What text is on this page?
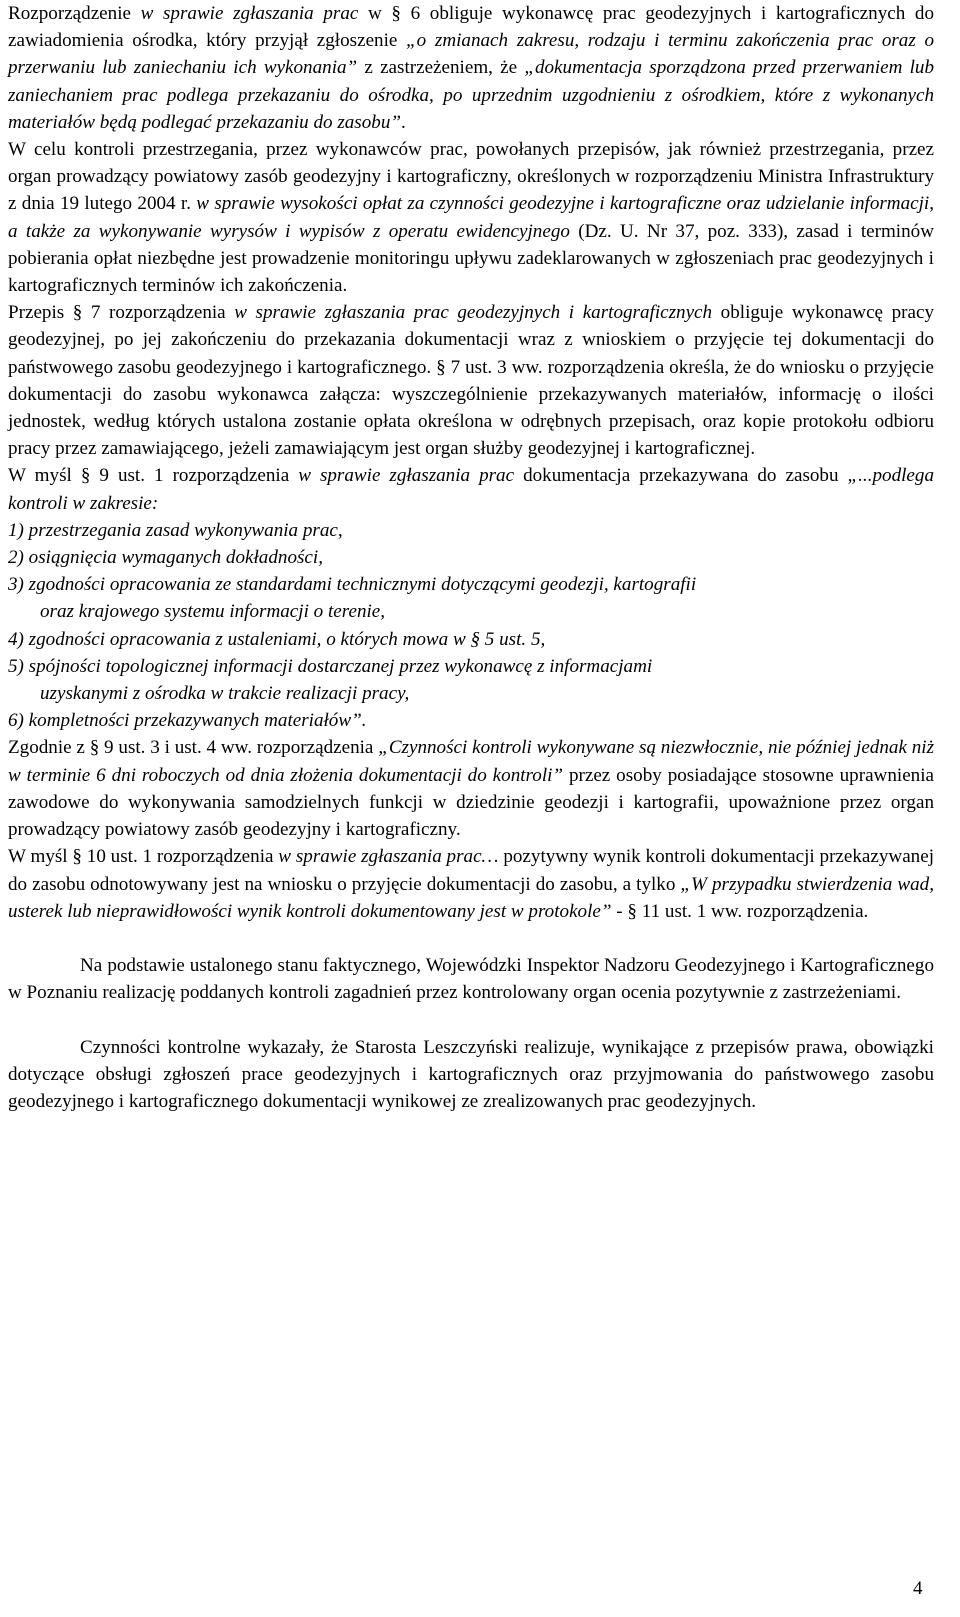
Rozporządzenie w sprawie zgłaszania prac w § 6 obliguje wykonawcę prac geodezyjnych i kartograficznych do zawiadomienia ośrodka, który przyjął zgłoszenie „o zmianach zakresu, rodzaju i terminu zakończenia prac oraz o przerwaniu lub zaniechaniu ich wykonania” z zastrzeżeniem, że „dokumentacja sporządzona przed przerwaniem lub zaniechaniem prac podlega przekazaniu do ośrodka, po uprzednim uzgodnieniu z ośrodkiem, które z wykonanych materiałów będą podlegać przekazaniu do zasobu”.

W celu kontroli przestrzegania, przez wykonawców prac, powołanych przepisów, jak również przestrzegania, przez organ prowadzący powiatowy zasób geodezyjny i kartograficzny, określonych w rozporządzeniu Ministra Infrastruktury z dnia 19 lutego 2004 r. w sprawie wysokości opłat za czynności geodezyjne i kartograficzne oraz udzielanie informacji, a także za wykonywanie wyrysów i wypisów z operatu ewidencyjnego (Dz. U. Nr 37, poz. 333), zasad i terminów pobierania opłat niezbędne jest prowadzenie monitoringu upływu zadeklarowanych w zgłoszeniach prac geodezyjnych i kartograficznych terminów ich zakończenia.

Przepis § 7 rozporządzenia w sprawie zgłaszania prac geodezyjnych i kartograficznych obliguje wykonawcę pracy geodezyjnej, po jej zakończeniu do przekazania dokumentacji wraz z wnioskiem o przyjęcie tej dokumentacji do państwowego zasobu geodezyjnego i kartograficznego. § 7 ust. 3 ww. rozporządzenia określa, że do wniosku o przyjęcie dokumentacji do zasobu wykonawca załącza: wyszczególnienie przekazywanych materiałów, informację o ilości jednostek, według których ustalona zostanie opłata określona w odrębnych przepisach, oraz kopie protokołu odbioru pracy przez zamawiającego, jeżeli zamawiającym jest organ służby geodezyjnej i kartograficznej.

W myśl § 9 ust. 1 rozporządzenia w sprawie zgłaszania prac dokumentacja przekazywana do zasobu „...podlega kontroli w zakresie:

1) przestrzegania zasad wykonywania prac,
2) osiągnięcia wymaganych dokładności,
3) zgodności opracowania ze standardami technicznymi dotyczącymi geodezji, kartografii
oraz krajowego systemu informacji o terenie,
4) zgodności opracowania z ustaleniami, o których mowa w § 5 ust. 5,
5) spójności topologicznej informacji dostarczanej przez wykonawcę z informacjami
uzyskanymi z ośrodka w trakcie realizacji pracy,
6) kompletności przekazywanych materiałów”.

Zgodnie z § 9 ust. 3 i ust. 4 ww. rozporządzenia „Czynności kontroli wykonywane są niezwłocznie, nie później jednak niż w terminie 6 dni roboczych od dnia złożenia dokumentacji do kontroli” przez osoby posiadające stosowne uprawnienia zawodowe do wykonywania samodzielnych funkcji w dziedzinie geodezji i kartografii, upoważnione przez organ prowadzący powiatowy zasób geodezyjny i kartograficzny.

W myśl § 10 ust. 1 rozporządzenia w sprawie zgłaszania prac… pozytywny wynik kontroli dokumentacji przekazywanej do zasobu odnotowywany jest na wniosku o przyjęcie dokumentacji do zasobu, a tylko „W przypadku stwierdzenia wad, usterek lub nieprawidłowości wynik kontroli dokumentowany jest w protokole” - § 11 ust. 1 ww. rozporządzenia.

Na podstawie ustalonego stanu faktycznego, Wojewódzki Inspektor Nadzoru Geodezyjnego i Kartograficznego w Poznaniu realizację poddanych kontroli zagadnień przez kontrolowany organ ocenia pozytywnie z zastrzeżeniami.

Czynności kontrolne wykazały, że Starosta Leszczyński realizuje, wynikające z przepisów prawa, obowiązki dotyczące obsługi zgłoszeń prace geodezyjnych i kartograficznych oraz przyjmowania do państwowego zasobu geodezyjnego i kartograficznego dokumentacji wynikowej ze zrealizowanych prac geodezyjnych.

4
